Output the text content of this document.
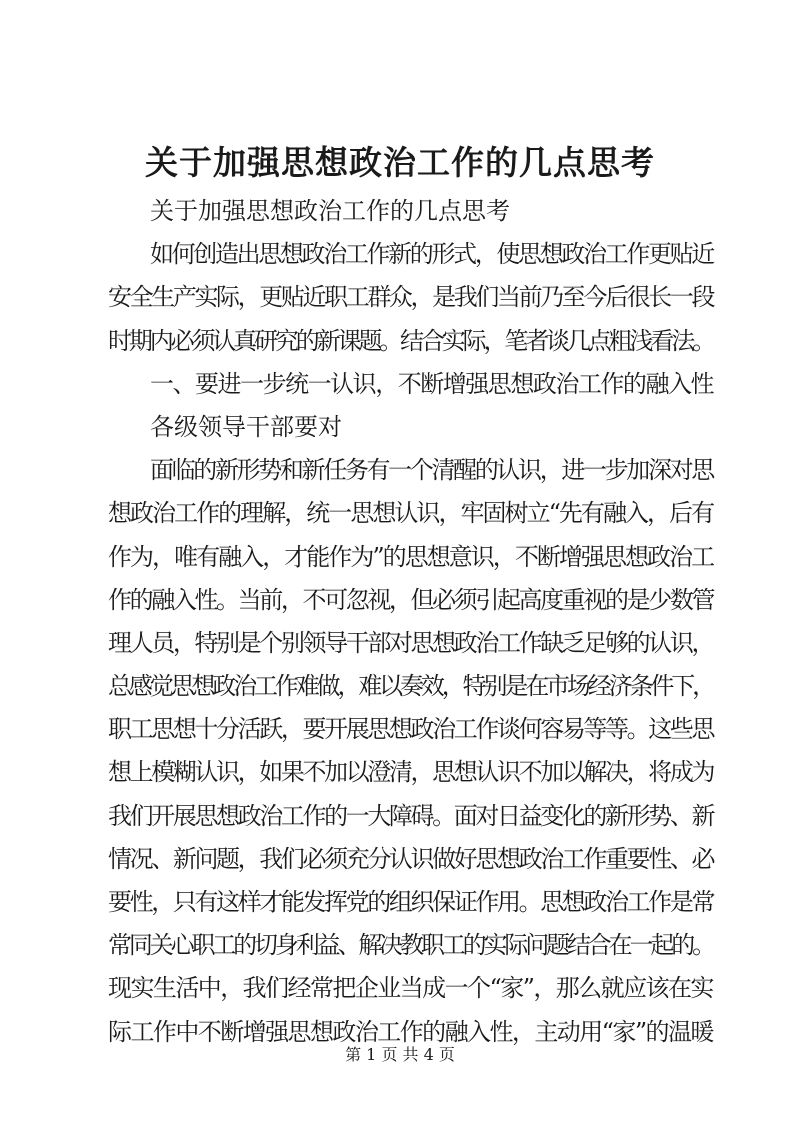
关于加强思想政治工作的几点思考
关于加强思想政治工作的几点思考
如何创造出思想政治工作新的形式，使思想政治工作更贴近
安全生产实际，更贴近职工群众，是我们当前乃至今后很长一段
时期内必须认真研究的新课题。结合实际，笔者谈几点粗浅看法。
一、要进一步统一认识，不断增强思想政治工作的融入性
各级领导干部要对
面临的新形势和新任务有一个清醒的认识，进一步加深对思
想政治工作的理解，统一思想认识，牢固树立“先有融入，后有
作为，唯有融入，才能作为”的思想意识，不断增强思想政治工
作的融入性。当前，不可忽视，但必须引起高度重视的是少数管
理人员，特别是个别领导干部对思想政治工作缺乏足够的认识，
总感觉思想政治工作难做，难以奏效，特别是在市场经济条件下，
职工思想十分活跃，要开展思想政治工作谈何容易等等。这些思
想上模糊认识，如果不加以澄清，思想认识不加以解决，将成为
我们开展思想政治工作的一大障碍。面对日益变化的新形势、新
情况、新问题，我们必须充分认识做好思想政治工作重要性、必
要性，只有这样才能发挥党的组织保证作用。思想政治工作是常
常同关心职工的切身利益、解决教职工的实际问题结合在一起的。
现实生活中，我们经常把企业当成一个“家”，那么就应该在实
际工作中不断增强思想政治工作的融入性，主动用“家”的温暖
第 1 页 共 4 页
